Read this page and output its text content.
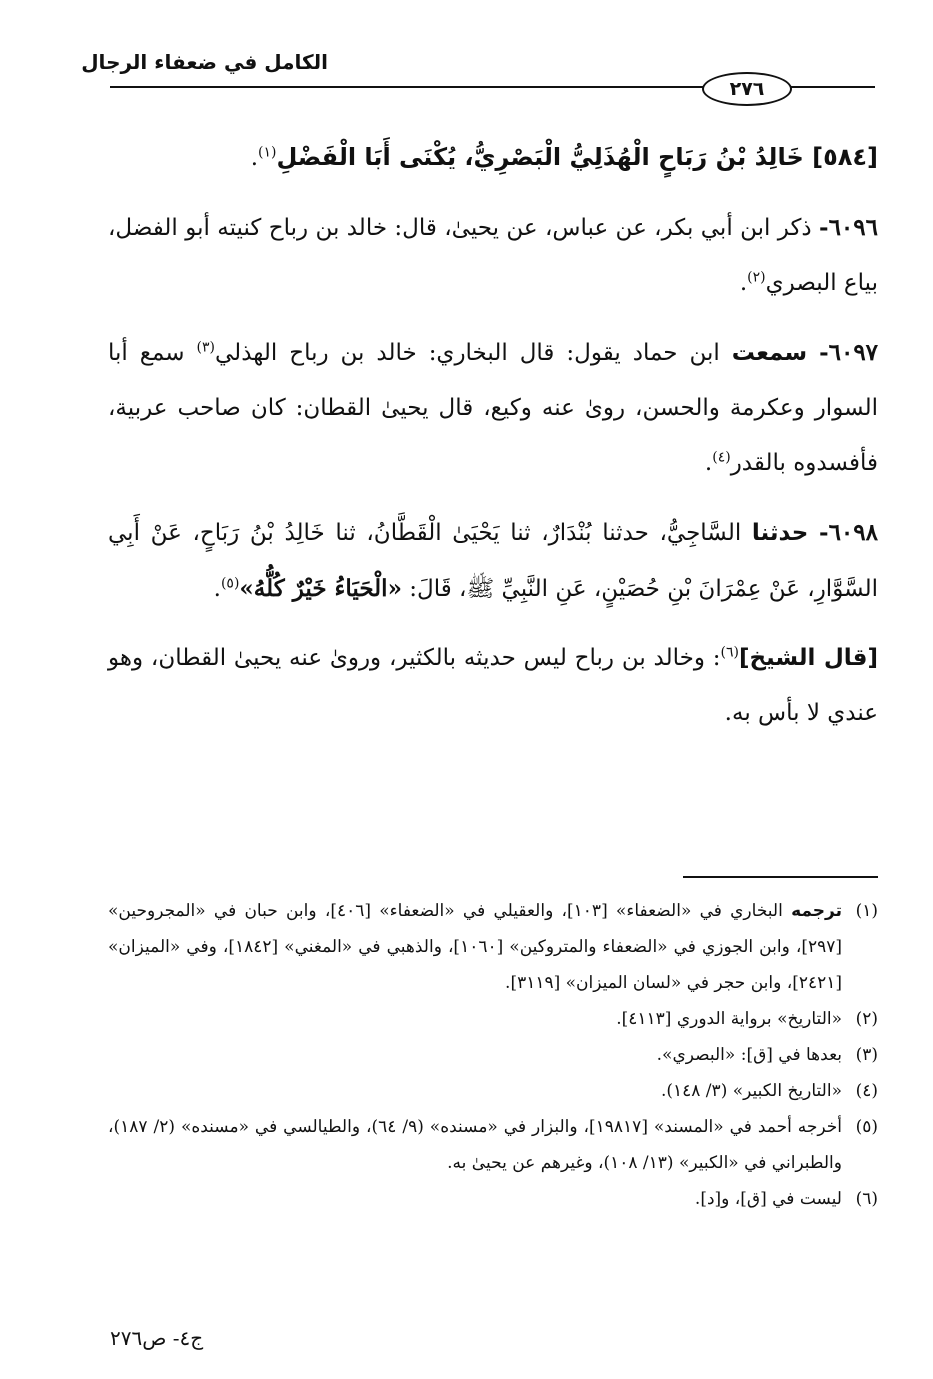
الكامل في ضعفاء الرجال
٢٧٦

[٥٨٤] خَالِدُ بْنُ رَبَاحٍ الْهُذَلِيُّ الْبَصْرِيُّ، يُكْنَى أَبَا الْفَضْلِ$^{(١)}$.

٦٠٩٦- ذكر ابن أبي بكر، عن عباس، عن يحيىٰ، قال: خالد بن رباح كنيته أبو الفضل، بياع البصري$^{(٢)}$.

٦٠٩٧- سمعت ابن حماد يقول: قال البخاري: خالد بن رباح الهذلي$^{(٣)}$ سمع أبا السوار وعكرمة والحسن، روىٰ عنه وكيع، قال يحيىٰ القطان: كان صاحب عربية، فأفسدوه بالقدر$^{(٤)}$.

٦٠٩٨- حدثنا السَّاجِيُّ، حدثنا بُنْدَارٌ، ثنا يَحْيَىٰ الْقَطَّانُ، ثنا خَالِدُ بْنُ رَبَاحٍ، عَنْ أَبِي السَّوَّارِ، عَنْ عِمْرَانَ بْنِ حُصَيْنٍ، عَنِ النَّبِيِّ ﷺ، قَالَ: «الْحَيَاءُ خَيْرٌ كُلُّهُ»$^{(٥)}$.

[قال الشيخ]$^{(٦)}$: وخالد بن رباح ليس حديثه بالكثير، وروىٰ عنه يحيىٰ القطان، وهو عندي لا بأس به.

(١)
ترجمه البخاري في «الضعفاء» [١٠٣]، والعقيلي في «الضعفاء» [٤٠٦]، وابن حبان في «المجروحين» [٢٩٧]، وابن الجوزي في «الضعفاء والمتروكين» [١٠٦٠]، والذهبي في «المغني» [١٨٤٢]، وفي «الميزان» [٢٤٢١]، وابن حجر في «لسان الميزان» [٣١١٩].
(٢)
«التاريخ» برواية الدوري [٤١١٣].
(٣)
بعدها في [ق]: «البصري».
(٤)
«التاريخ الكبير» (٣/ ١٤٨).
(٥)
أخرجه أحمد في «المسند» [١٩٨١٧]، والبزار في «مسنده» (٩/ ٦٤)، والطيالسي في «مسنده» (٢/ ١٨٧)، والطبراني في «الكبير» (١٣/ ١٠٨)، وغيرهم عن يحيىٰ به.
(٦)
ليست في [ق]، و[د].
ج٤- ص٢٧٦
